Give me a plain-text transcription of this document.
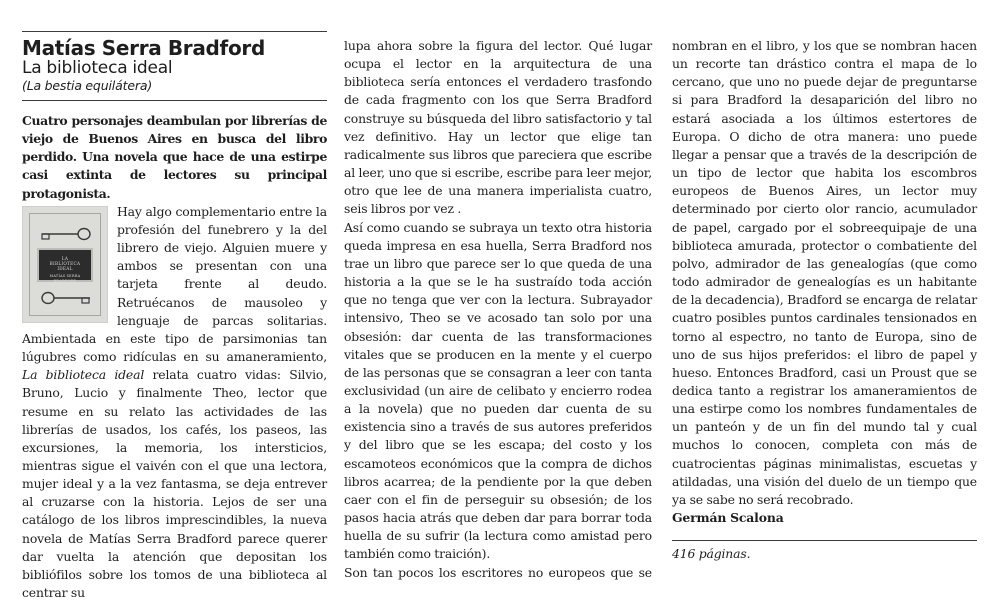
Matías Serra Bradford
La biblioteca ideal
(La bestia equilátera)

Cuatro personajes deambulan por librerías de viejo de Buenos Aires en busca del libro perdido. Una novela que hace de una estirpe casi extinta de lectores su principal protagonista.

LA
BIBLIOTECA
IDEAL
MATÍAS SERRA BRADFORD

Hay algo complementario entre la profesión del funebrero y la del librero de viejo. Alguien muere y ambos se presentan con una tarjeta frente al deudo. Retruécanos de mausoleo y lenguaje de parcas solitarias. Ambientada en este tipo de parsimonias tan lúgubres como ridículas en su amaneramiento, La biblioteca ideal relata cuatro vidas: Silvio, Bruno, Lucio y finalmente Theo, lector que resume en su relato las actividades de las librerías de usados, los cafés, los paseos, las excursiones, la memoria, los intersticios, mientras sigue el vaivén con el que una lectora, mujer ideal y a la vez fantasma, se deja entrever al cruzarse con la historia. Lejos de ser una catálogo de los libros imprescindibles, la nueva novela de Matías Serra Bradford parece querer dar vuelta la atención que depositan los bibliófilos sobre los tomos de una biblioteca al centrar su

lupa ahora sobre la figura del lector. Qué lugar ocupa el lector en la arquitectura de una biblioteca sería entonces el verdadero trasfondo de cada fragmento con los que Serra Bradford construye su búsqueda del libro satisfactorio y tal vez definitivo. Hay un lector que elige tan radicalmente sus libros que pareciera que escribe al leer, uno que si escribe, escribe para leer mejor, otro que lee de una manera imperialista cuatro, seis libros por vez .

Así como cuando se subraya un texto otra historia queda impresa en esa huella, Serra Bradford nos trae un libro que parece ser lo que queda de una historia a la que se le ha sustraído toda acción que no tenga que ver con la lectura. Subrayador intensivo, Theo se ve acosado tan solo por una obsesión: dar cuenta de las transformaciones vitales que se producen en la mente y el cuerpo de las personas que se consagran a leer con tanta exclusividad (un aire de celibato y encierro rodea a la novela) que no pueden dar cuenta de su existencia sino a través de sus autores preferidos y del libro que se les escapa; del costo y los escamoteos económicos que la compra de dichos libros acarrea; de la pendiente por la que deben caer con el fin de perseguir su obsesión; de los pasos hacia atrás que deben dar para borrar toda huella de su sufrir (la lectura como amistad pero también como traición).

Son tan pocos los escritores no europeos que se

nombran en el libro, y los que se nombran hacen un recorte tan drástico contra el mapa de lo cercano, que uno no puede dejar de preguntarse si para Bradford la desaparición del libro no estará asociada a los últimos estertores de Europa. O dicho de otra manera: uno puede llegar a pensar que a través de la descripción de un tipo de lector que habita los escombros europeos de Buenos Aires, un lector muy determinado por cierto olor rancio, acumulador de papel, cargado por el sobreequipaje de una biblioteca amurada, protector o combatiente del polvo, admirador de las genealogías (que como todo admirador de genealogías es un habitante de la decadencia), Bradford se encarga de relatar cuatro posibles puntos cardinales tensionados en torno al espectro, no tanto de Europa, sino de uno de sus hijos preferidos: el libro de papel y hueso. Entonces Bradford, casi un Proust que se dedica tanto a registrar los amaneramientos de una estirpe como los nombres fundamentales de un panteón y de un fin del mundo tal y cual muchos lo conocen, completa con más de cuatrocientas páginas minimalistas, escuetas y atildadas, una visión del duelo de un tiempo que ya se sabe no será recobrado.

Germán Scalona
416 páginas.
